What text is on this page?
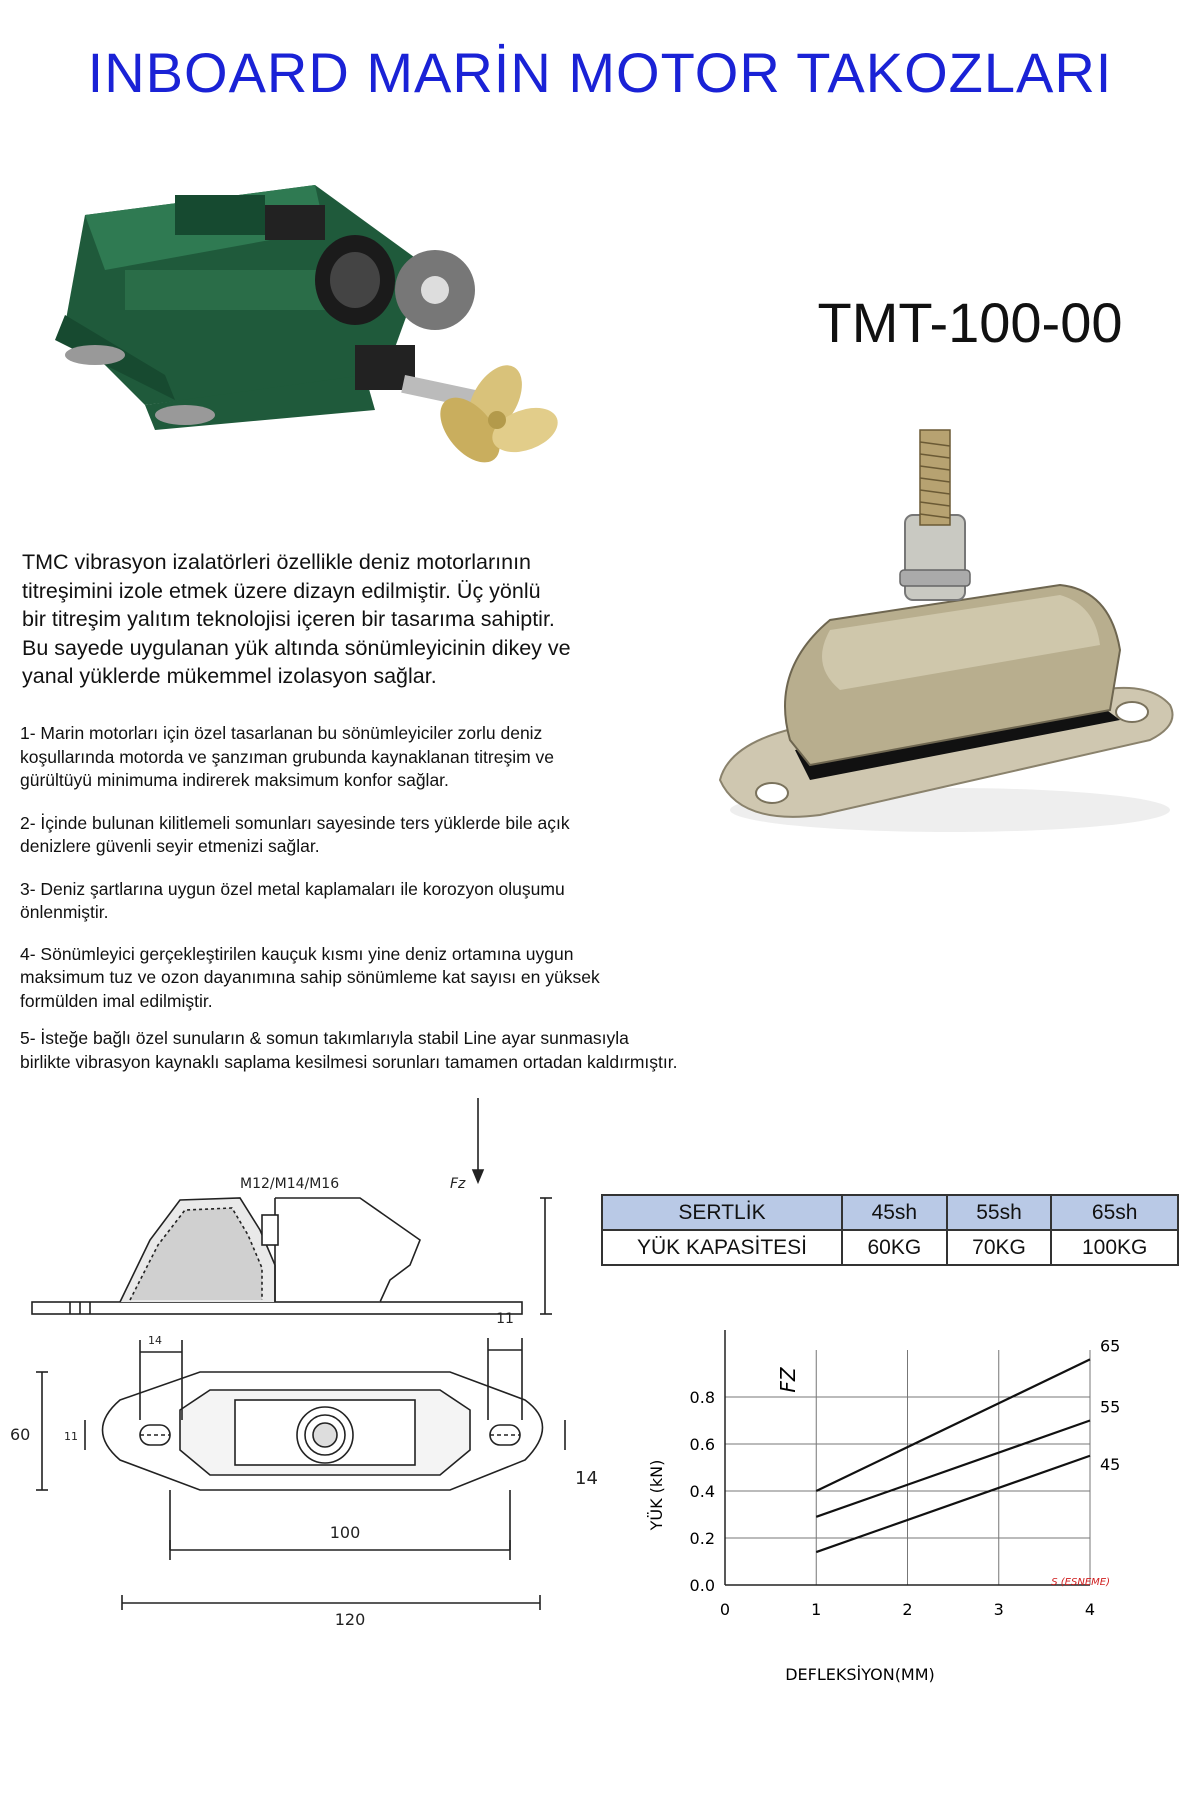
INBOARD MARİN MOTOR TAKOZLARI
TMT-100-00

TMC vibrasyon izalatörleri özellikle deniz motorlarının

titreşimini izole etmek üzere dizayn edilmiştir. Üç yönlü

bir titreşim yalıtım teknolojisi içeren bir tasarıma sahiptir.

Bu sayede uygulanan yük altında sönümleyicinin dikey ve

yanal yüklerde mükemmel izolasyon sağlar.

1- Marin motorları için özel tasarlanan bu sönümleyiciler zorlu deniz
koşullarında motorda ve şanzıman grubunda kaynaklanan titreşim ve
gürültüyü minimuma indirerek maksimum konfor sağlar.
2- İçinde bulunan kilitlemeli somunları sayesinde ters yüklerde bile açık
denizlere güvenli seyir etmenizi sağlar.
3- Deniz şartlarına uygun özel metal kaplamaları ile korozyon oluşumu
önlenmiştir.
4- Sönümleyici gerçekleştirilen kauçuk kısmı yine deniz ortamına uygun
maksimum tuz ve ozon dayanımına sahip sönümleme kat sayısı en yüksek
formülden imal edilmiştir.
5- İsteğe bağlı özel sunuların & somun takımlarıyla stabil Line ayar sunmasıyla
birlikte vibrasyon kaynaklı saplama kesilmesi sorunları tamamen ortadan kaldırmıştır.
M12/M14/M16	Fz
14
11
60	11
14
100
120
SERTLİK	45sh	55sh	65sh
YÜK KAPASİTESİ	60KG	70KG	100KG
0.0
0.2
0.4
0.6
0.8
0	1	2	3	4
65
55
45
FZ
YÜK (kN)
DEFLEKSİYON(MM)
S (ESNEME)
